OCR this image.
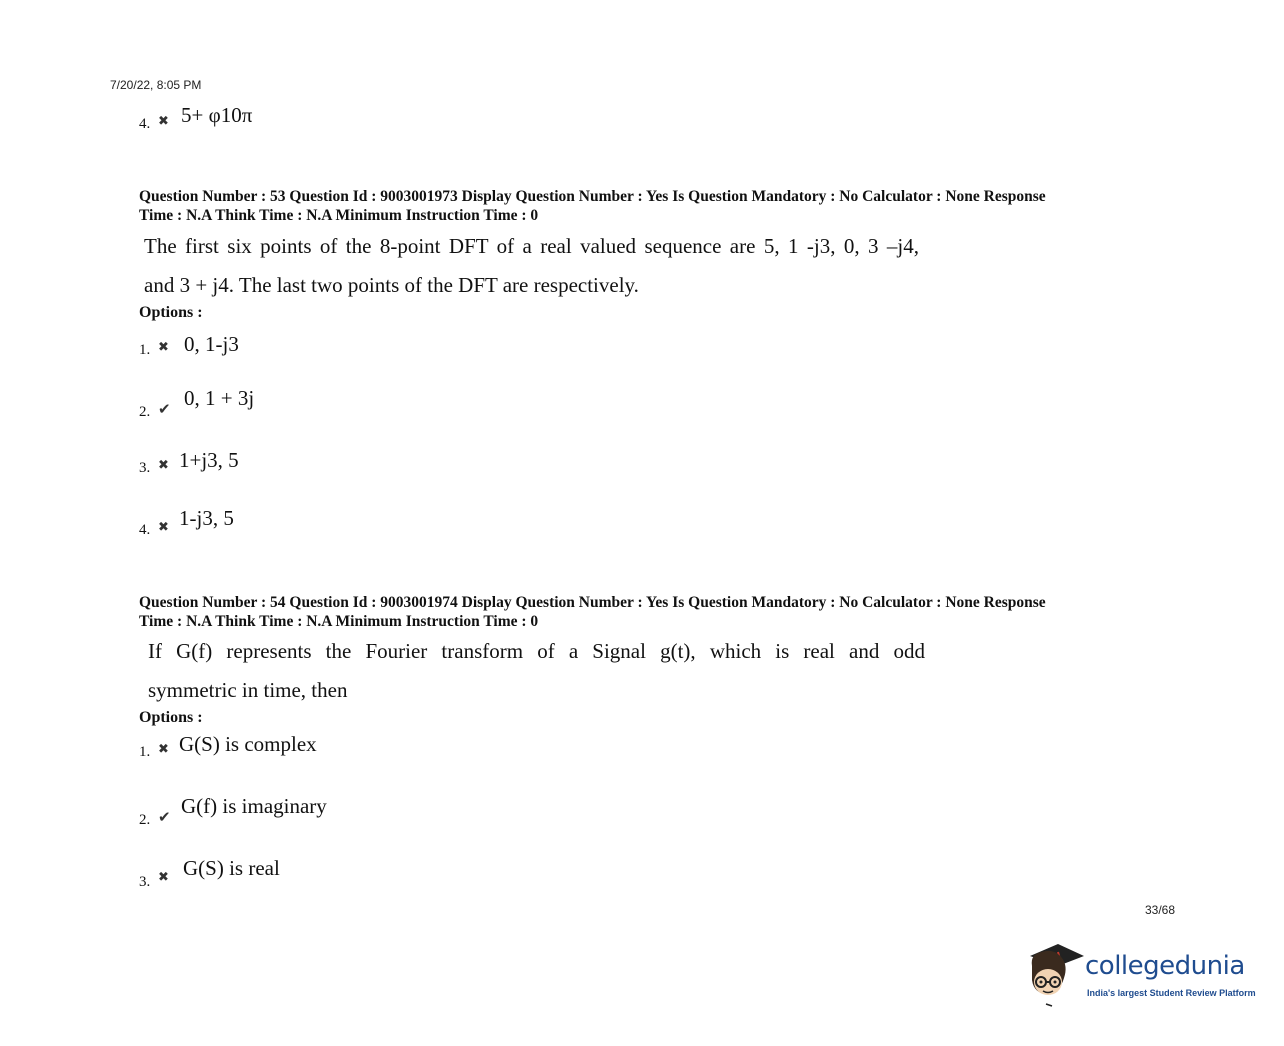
7/20/22, 8:05 PM
4. ✖ 5+ φ10π
Question Number : 53 Question Id : 9003001973 Display Question Number : Yes Is Question Mandatory : No Calculator : None Response
Time : N.A Think Time : N.A Minimum Instruction Time : 0
The first six points of the 8-point DFT of a real valued sequence are 5, 1 -j3, 0, 3 –j4,
and 3 + j4. The last two points of the DFT are respectively.
Options :
1. ✖ 0, 1-j3
2. ✔ 0, 1 + 3j
3. ✖ 1+j3, 5
4. ✖ 1-j3, 5
Question Number : 54 Question Id : 9003001974 Display Question Number : Yes Is Question Mandatory : No Calculator : None Response
Time : N.A Think Time : N.A Minimum Instruction Time : 0
If G(f) represents the Fourier transform of a Signal g(t), which is real and odd
symmetric in time, then
Options :
1. ✖ G(S) is complex
2. ✔ G(f) is imaginary
3. ✖ G(S) is real
33/68
collegedunia
India's largest Student Review Platform
